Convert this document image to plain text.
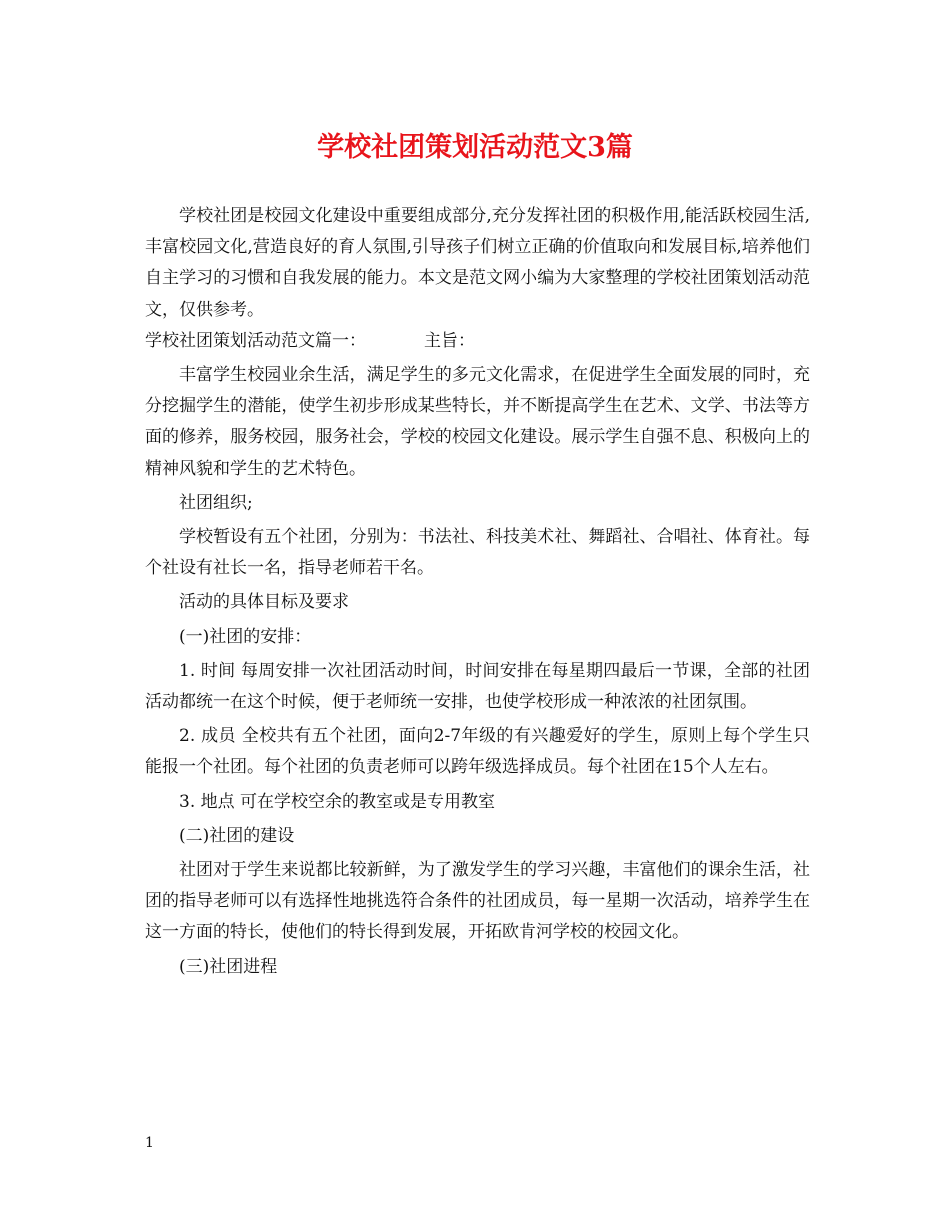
学校社团策划活动范文3篇

学校社团是校园文化建设中重要组成部分,充分发挥社团的积极作用,能活跃校园生活,丰富校园文化,营造良好的育人氛围,引导孩子们树立正确的价值取向和发展目标,培养他们自主学习的习惯和自我发展的能力。本文是范文网小编为大家整理的学校社团策划活动范文，仅供参考。

学校社团策划活动范文篇一：	主旨：

丰富学生校园业余生活，满足学生的多元文化需求，在促进学生全面发展的同时，充分挖掘学生的潜能，使学生初步形成某些特长，并不断提高学生在艺术、文学、书法等方面的修养，服务校园，服务社会，学校的校园文化建设。展示学生自强不息、积极向上的精神风貌和学生的艺术特色。

社团组织;

学校暂设有五个社团，分别为：书法社、科技美术社、舞蹈社、合唱社、体育社。每个社设有社长一名，指导老师若干名。

活动的具体目标及要求

(一)社团的安排：

1. 时间 每周安排一次社团活动时间，时间安排在每星期四最后一节课，全部的社团活动都统一在这个时候，便于老师统一安排，也使学校形成一种浓浓的社团氛围。

2. 成员 全校共有五个社团，面向2-7年级的有兴趣爱好的学生，原则上每个学生只能报一个社团。每个社团的负责老师可以跨年级选择成员。每个社团在15个人左右。

3. 地点 可在学校空余的教室或是专用教室

(二)社团的建设

社团对于学生来说都比较新鲜，为了激发学生的学习兴趣，丰富他们的课余生活，社团的指导老师可以有选择性地挑选符合条件的社团成员，每一星期一次活动，培养学生在这一方面的特长，使他们的特长得到发展，开拓欧肯河学校的校园文化。

(三)社团进程

1
